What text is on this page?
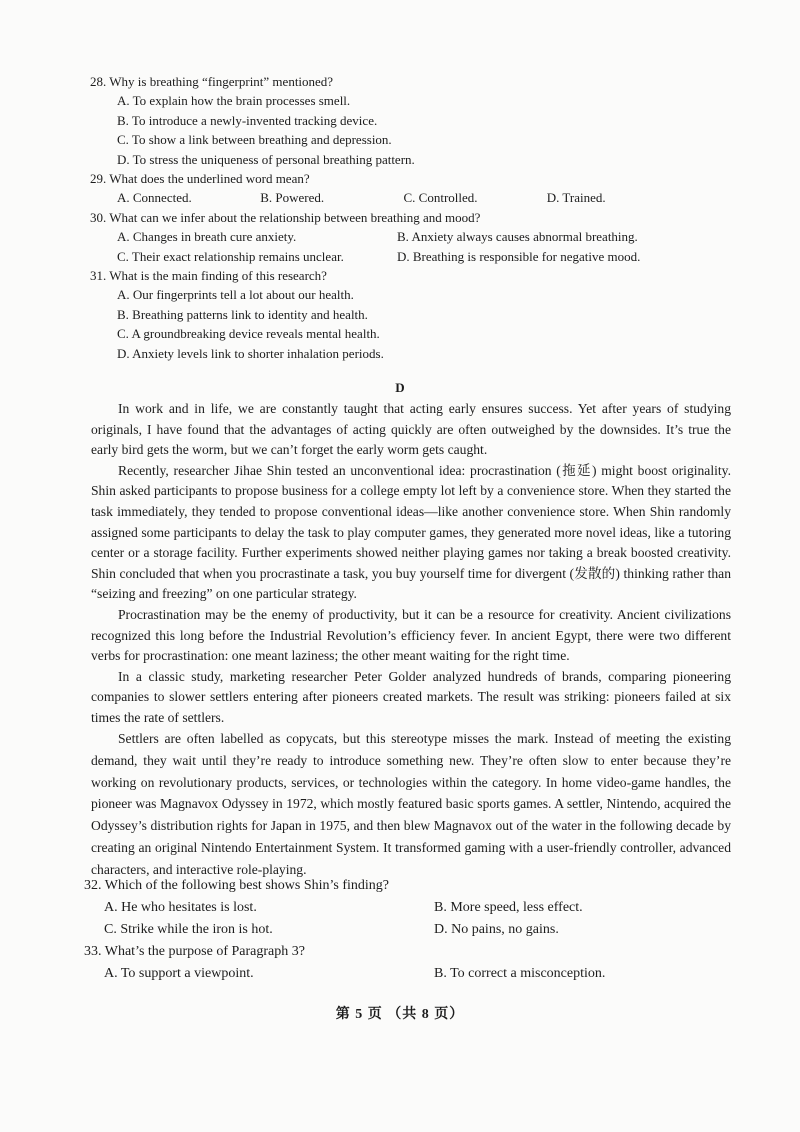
28. Why is breathing “fingerprint” mentioned?
A. To explain how the brain processes smell.
B. To introduce a newly-invented tracking device.
C. To show a link between breathing and depression.
D. To stress the uniqueness of personal breathing pattern.
29. What does the underlined word mean?
A. Connected.	B. Powered.	C. Controlled.	D. Trained.
30. What can we infer about the relationship between breathing and mood?
A. Changes in breath cure anxiety.	B. Anxiety always causes abnormal breathing.
C. Their exact relationship remains unclear.	D. Breathing is responsible for negative mood.
31. What is the main finding of this research?
A. Our fingerprints tell a lot about our health.
B. Breathing patterns link to identity and health.
C. A groundbreaking device reveals mental health.
D. Anxiety levels link to shorter inhalation periods.
D

In work and in life, we are constantly taught that acting early ensures success. Yet after years of studying originals, I have found that the advantages of acting quickly are often outweighed by the downsides. It’s true the early bird gets the worm, but we can’t forget the early worm gets caught.

Recently, researcher Jihae Shin tested an unconventional idea: procrastination (拖延) might boost originality. Shin asked participants to propose business for a college empty lot left by a convenience store. When they started the task immediately, they tended to propose conventional ideas—like another convenience store. When Shin randomly assigned some participants to delay the task to play computer games, they generated more novel ideas, like a tutoring center or a storage facility. Further experiments showed neither playing games nor taking a break boosted creativity. Shin concluded that when you procrastinate a task, you buy yourself time for divergent (发散的) thinking rather than “seizing and freezing” on one particular strategy.

Procrastination may be the enemy of productivity, but it can be a resource for creativity. Ancient civilizations recognized this long before the Industrial Revolution’s efficiency fever. In ancient Egypt, there were two different verbs for procrastination: one meant laziness; the other meant waiting for the right time.

In a classic study, marketing researcher Peter Golder analyzed hundreds of brands, comparing pioneering companies to slower settlers entering after pioneers created markets. The result was striking: pioneers failed at six times the rate of settlers.

Settlers are often labelled as copycats, but this stereotype misses the mark. Instead of meeting the existing demand, they wait until they’re ready to introduce something new. They’re often slow to enter because they’re working on revolutionary products, services, or technologies within the category. In home video-game handles, the pioneer was Magnavox Odyssey in 1972, which mostly featured basic sports games. A settler, Nintendo, acquired the Odyssey’s distribution rights for Japan in 1975, and then blew Magnavox out of the water in the following decade by creating an original Nintendo Entertainment System. It transformed gaming with a user-friendly controller, advanced characters, and interactive role-playing.

32. Which of the following best shows Shin’s finding?
A. He who hesitates is lost.	B. More speed, less effect.
C. Strike while the iron is hot.	D. No pains, no gains.
33. What’s the purpose of Paragraph 3?
A. To support a viewpoint.	B. To correct a misconception.
第 5 页 （共 8 页）
